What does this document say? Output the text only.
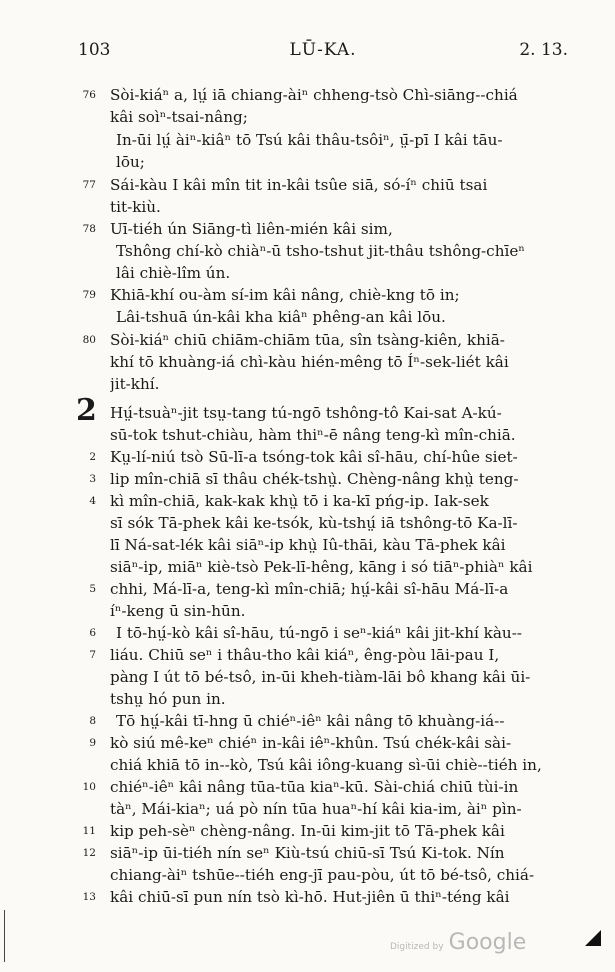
103	LŪ-KA.	2. 13.
Sòi-kiáⁿ a, lṳ́ iā chiang-àiⁿ chheng-tsò Chì-siāng--chiá
76
kâi soìⁿ-tsai-nâng;
In-ūi lṳ́ àiⁿ-kiâⁿ tō Tsú kâi thâu-tsôiⁿ, ṳ̄-pī I kâi tāu-
lōu;
Sái-kàu I kâi mîn tit in-kâi tsûe siā, só-íⁿ chiū tsai
77
tit-kiù.
Uī-tiéh ún Siāng-tì liên-mién kâi sim,
78
Tshông chí-kò chiàⁿ-ū tsho-tshut jit-thâu tshông-chīeⁿ
lâi chiè-lîm ún.
Khiā-khí ou-àm sí-im kâi nâng, chiè-kng tō in;
79
Lâi-tshuā ún-kâi kha kiâⁿ phêng-an kâi lōu.
Sòi-kiáⁿ chiū chiām-chiām tūa, sîn tsàng-kiên, khiā-
80
khí tō khuàng-iá chì-kàu hién-mêng tō Íⁿ-sek-liét kâi
jit-khí.
Hṳ́-tsuàⁿ-jit tsṳ-tang tú-ngō tshông-tô Kai-sat A-kú-
sū-tok tshut-chiàu, hàm thiⁿ-ē nâng teng-kì mîn-chiā.
Kṳ-lí-niú tsò Sū-lī-a tsóng-tok kâi sî-hāu, chí-hûe siet-
2
lip mîn-chiā sī thâu chék-tshṳ̀. Chèng-nâng khṳ̀ teng-
3
kì mîn-chiā, kak-kak khṳ̀ tō i ka-kī pńg-ip. Iak-sek
4
sī sók Tā-phek kâi ke-tsók, kù-tshṳ́ iā tshông-tō Ka-lī-
lī Ná-sat-lék kâi siāⁿ-ip khṳ̀ Iû-thāi, kàu Tā-phek kâi
siāⁿ-ip, miāⁿ kiè-tsò Pek-lī-hêng, kāng i só tiāⁿ-phiàⁿ kâi
chhi, Má-lī-a, teng-kì mîn-chiā; hṳ́-kâi sî-hāu Má-lī-a
5
íⁿ-keng ū sin-hūn.
I tō-hṳ́-kò kâi sî-hāu, tú-ngō i seⁿ-kiáⁿ kâi jit-khí kàu--
6
liáu. Chiū seⁿ i thâu-tho kâi kiáⁿ, êng-pòu lāi-pau I,
7
pàng I út tō bé-tsô, in-ūi kheh-tiàm-lāi bô khang kâi ūi-
tshṳ hó pun in.
Tō hṳ́-kâi tī-hng ū chiéⁿ-iêⁿ kâi nâng tō khuàng-iá--
8
kò siú mê-keⁿ chiéⁿ in-kâi iêⁿ-khûn. Tsú chék-kâi sài-
9
chiá khiā tō in--kò, Tsú kâi iông-kuang sì-ūi chiè--tiéh in,
chiéⁿ-iêⁿ kâi nâng tūa-tūa kiaⁿ-kū. Sài-chiá chiū tùi-in
10
tàⁿ, Mái-kiaⁿ; uá pò nín tūa huaⁿ-hí kâi kia-im, àiⁿ pìn-
kip peh-sèⁿ chèng-nâng. In-ūi kim-jit tō Tā-phek kâi
11
siāⁿ-ip ūi-tiéh nín seⁿ Kiù-tsú chiū-sī Tsú Ki-tok. Nín
12
chiang-àiⁿ tshūe--tiéh eng-jī pau-pòu, út tō bé-tsô, chiá-
kâi chiū-sī pun nín tsò kì-hō. Hut-jiên ū thiⁿ-téng kâi
13
2
Digitized by Google
